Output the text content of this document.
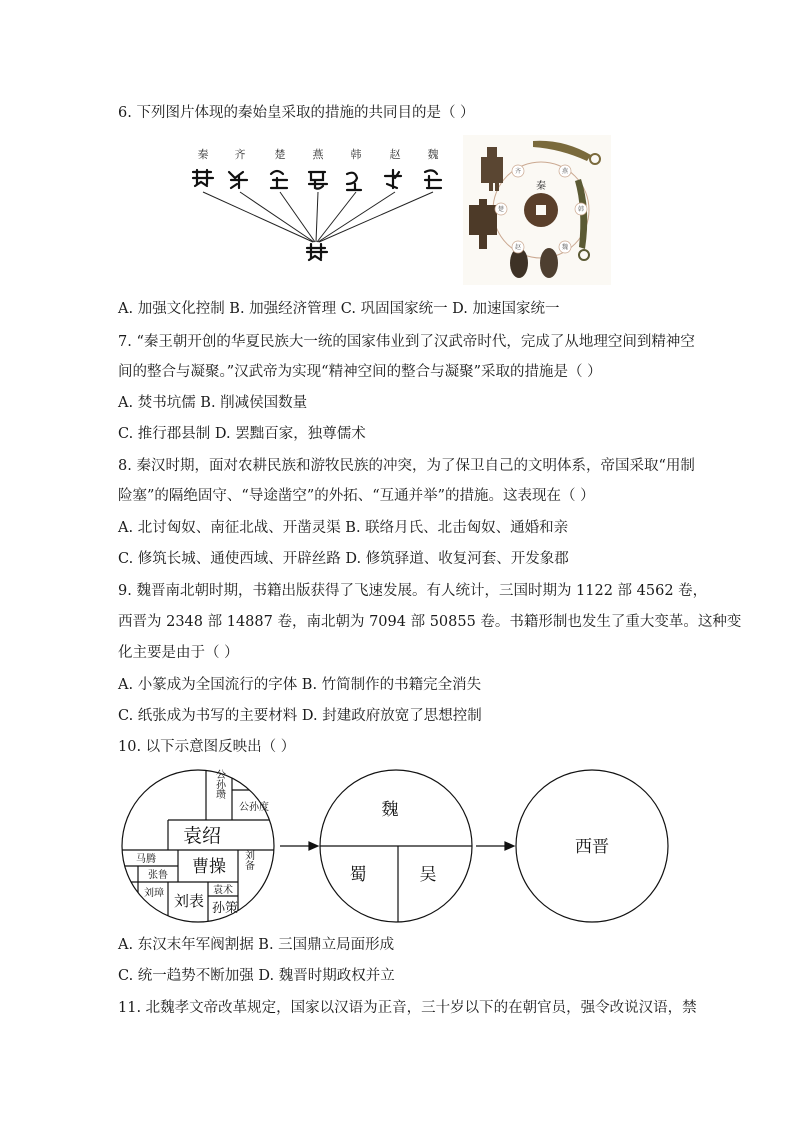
6. 下列图片体现的秦始皇采取的措施的共同目的是（ ）
秦 齐	楚 燕 韩	赵 魏
秦
齐	燕
楚	韩
赵	魏
A. 加强文化控制 B. 加强经济管理 C. 巩固国家统一 D. 加速国家统一
7. “秦王朝开创的华夏民族大一统的国家伟业到了汉武帝时代，完成了从地理空间到精神空
间的整合与凝聚。”汉武帝为实现“精神空间的整合与凝聚”采取的措施是（ ）
A. 焚书坑儒 B. 削减侯国数量
C. 推行郡县制 D. 罢黜百家，独尊儒术
8. 秦汉时期，面对农耕民族和游牧民族的冲突，为了保卫自己的文明体系，帝国采取“用制
险塞”的隔绝固守、“导途凿空”的外拓、“互通并举”的措施。这表现在（ ）
A. 北讨匈奴、南征北战、开凿灵渠 B. 联络月氏、北击匈奴、通婚和亲
C. 修筑长城、通使西域、开辟丝路 D. 修筑驿道、收复河套、开发象郡
9. 魏晋南北朝时期，书籍出版获得了飞速发展。有人统计，三国时期为 1122 部 4562 卷，
西晋为 2348 部 14887 卷，南北朝为 7094 部 50855 卷。书籍形制也发生了重大变革。这种变
化主要是由于（ ）
A. 小篆成为全国流行的字体 B. 竹简制作的书籍完全消失
C. 纸张成为书写的主要材料 D. 封建政府放宽了思想控制
10. 以下示意图反映出（ ）
公孙瓒
公孙度
袁绍
马腾
张鲁 曹操 刘备
刘璋 刘表
袁术
孙策
魏
蜀	吴
西晋
A. 东汉末年军阀割据 B. 三国鼎立局面形成
C. 统一趋势不断加强 D. 魏晋时期政权并立
11. 北魏孝文帝改革规定，国家以汉语为正音，三十岁以下的在朝官员，强令改说汉语，禁
